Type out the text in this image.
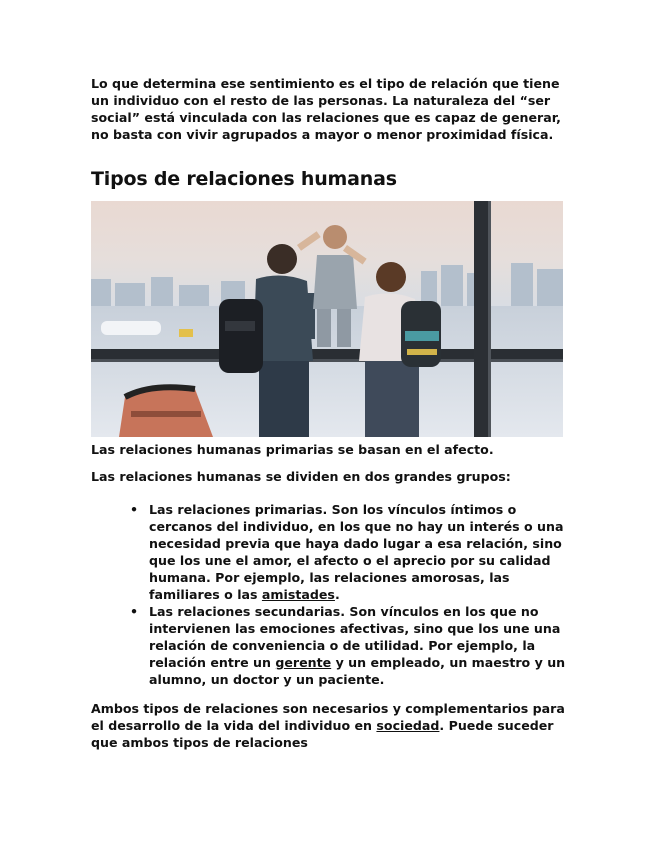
Lo que determina ese sentimiento es el tipo de relación que tiene un individuo con el resto de las personas. La naturaleza del “ser social” está vinculada con las relaciones que es capaz de generar, no basta con vivir agrupados a mayor o menor proximidad física.

Tipos de relaciones humanas

Las relaciones humanas primarias se basan en el afecto.

Las relaciones humanas se dividen en dos grandes grupos:

• Las relaciones primarias. Son los vínculos íntimos o cercanos del individuo, en los que no hay un interés o una necesidad previa que haya dado lugar a esa relación, sino que los une el amor, el afecto o el aprecio por su calidad humana. Por ejemplo, las relaciones amorosas, las familiares o las amistades.
• Las relaciones secundarias. Son vínculos en los que no intervienen las emociones afectivas, sino que los une una relación de conveniencia o de utilidad. Por ejemplo, la relación entre un gerente y un empleado, un maestro y un alumno, un doctor y un paciente.

Ambos tipos de relaciones son necesarios y complementarios para el desarrollo de la vida del individuo en sociedad. Puede suceder que ambos tipos de relaciones
